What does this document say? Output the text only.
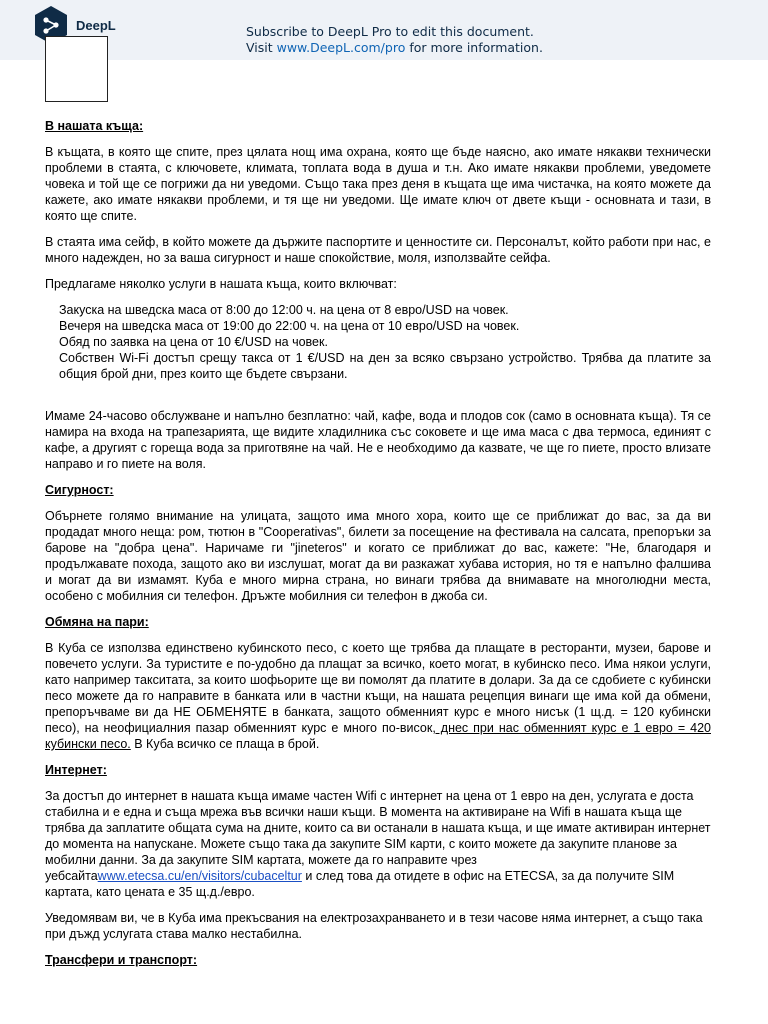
DeepL	Subscribe to DeepL Pro to edit this document.
Visit www.DeepL.com/pro for more information.

В нашата къща:

В къщата, в която ще спите, през цялата нощ има охрана, която ще бъде наясно, ако имате някакви технически проблеми в стаята, с ключовете, климата, топлата вода в душа и т.н. Ако имате някакви проблеми, уведомете човека и той ще се погрижи да ни уведоми. Също така през деня в къщата ще има чистачка, на която можете да кажете, ако имате някакви проблеми, и тя ще ни уведоми. Ще имате ключ от двете къщи - основната и тази, в която ще спите.

В стаята има сейф, в който можете да държите паспортите и ценностите си. Персоналът, който работи при нас, е много надежден, но за ваша сигурност и наше спокойствие, моля, използвайте сейфа.

Предлагаме няколко услуги в нашата къща, които включват:

Закуска на шведска маса от 8:00 до 12:00 ч. на цена от 8 евро/USD на човек.
Вечеря на шведска маса от 19:00 до 22:00 ч. на цена от 10 евро/USD на човек.
Обяд по заявка на цена от 10 €/USD на човек.
Собствен Wi-Fi достъп срещу такса от 1 €/USD на ден за всяко свързано устройство. Трябва да платите за общия брой дни, през които ще бъдете свързани.

Имаме 24-часово обслужване и напълно безплатно: чай, кафе, вода и плодов сок (само в основната къща). Тя се намира на входа на трапезарията, ще видите хладилника със соковете и ще има маса с два термоса, единият с кафе, а другият с гореща вода за приготвяне на чай. Не е необходимо да казвате, че ще го пиете, просто влизате направо и го пиете на воля.

Сигурност:

Обърнете голямо внимание на улицата, защото има много хора, които ще се приближат до вас, за да ви продадат много неща: ром, тютюн в "Cooperativas", билети за посещение на фестивала на салсата, препоръки за барове на "добра цена". Наричаме ги "jineteros" и когато се приближат до вас, кажете: "Не, благодаря и продължавате похода, защото ако ви изслушат, могат да ви разкажат хубава история, но тя е напълно фалшива и могат да ви измамят. Куба е много мирна страна, но винаги трябва да внимавате на многолюдни места, особено с мобилния си телефон. Дръжте мобилния си телефон в джоба си.

Обмяна на пари:

В Куба се използва единствено кубинското песо, с което ще трябва да плащате в ресторанти, музеи, барове и повечето услуги. За туристите е по-удобно да плащат за всичко, което могат, в кубинско песо. Има някои услуги, като например такситата, за които шофьорите ще ви помолят да платите в долари. За да се сдобиете с кубински песо можете да го направите в банката или в частни къщи, на нашата рецепция винаги ще има кой да обмени, препоръчваме ви да НЕ ОБМЕНЯТЕ в банката, защото обменният курс е много нисък (1 щ.д. = 120 кубински песо), на неофициалния пазар обменният курс е много по-висок, днес при нас обменният курс е 1 евро = 420 кубински песо. В Куба всичко се плаща в брой.

Интернет:

За достъп до интернет в нашата къща имаме частен Wifi с интернет на цена от 1 евро на ден, услугата е доста стабилна и е една и съща мрежа във всички наши къщи. В момента на активиране на Wifi в нашата къща ще трябва да заплатите общата сума на дните, които са ви останали в нашата къща, и ще имате активиран интернет до момента на напускане. Можете също така да закупите SIM карти, с които можете да закупите планове за мобилни данни. За да закупите SIM картата, можете да го направите чрез уебсайтаwww.etecsa.cu/en/visitors/cubaceltur и след това да отидете в офис на ETECSA, за да получите SIM картата, като цената е 35 щ.д./евро.

Уведомявам ви, че в Куба има прекъсвания на електрозахранването и в тези часове няма интернет, а също така при дъжд услугата става малко нестабилна.

Трансфери и транспорт:
